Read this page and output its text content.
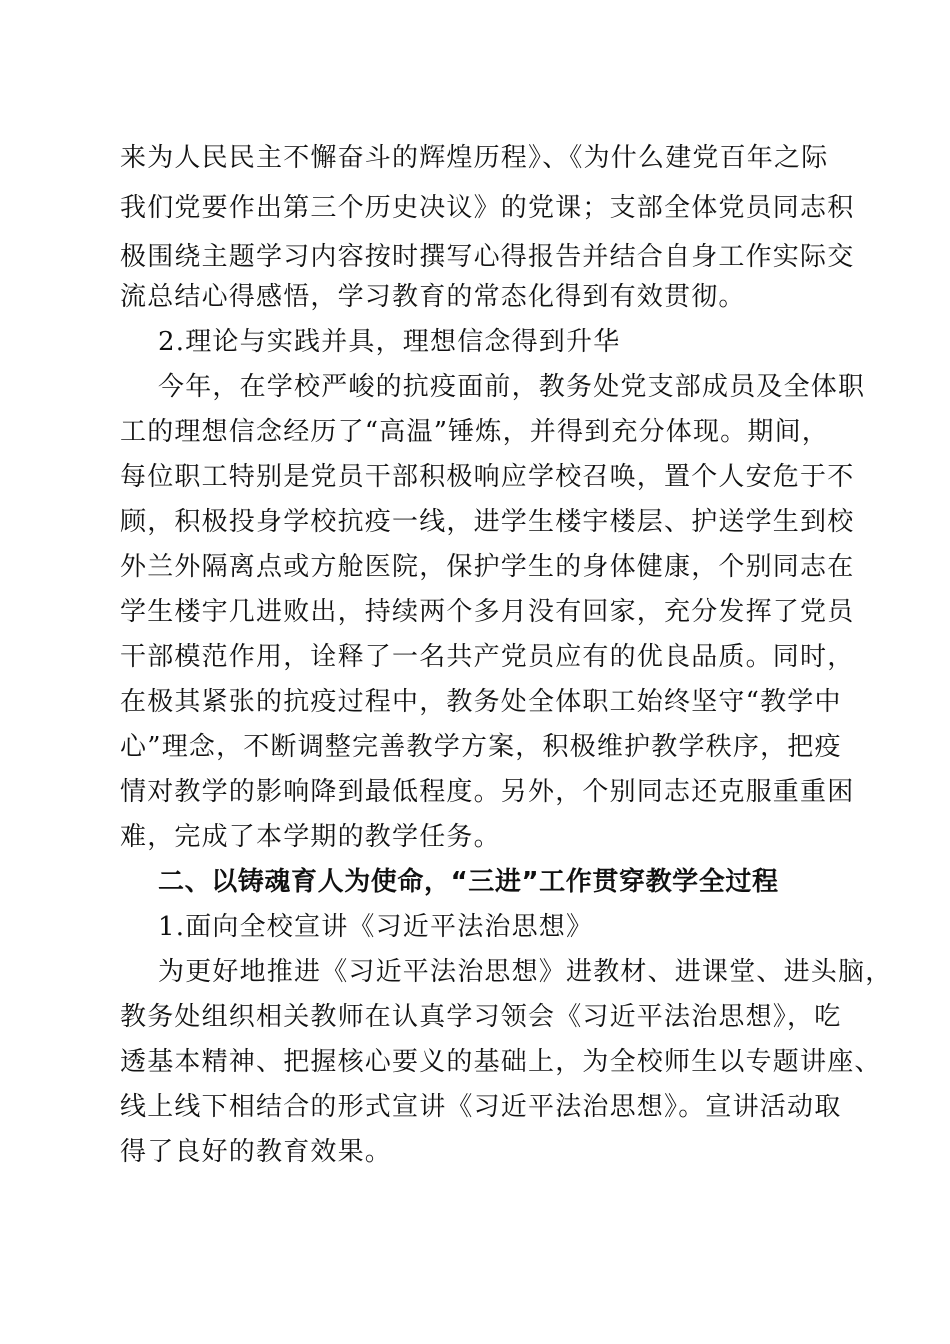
来为人民民主不懈奋斗的辉煌历程》、《为什么建党百年之际
我们党要作出第三个历史决议》的党课；支部全体党员同志积
极围绕主题学习内容按时撰写心得报告并结合自身工作实际交
流总结心得感悟，学习教育的常态化得到有效贯彻。
2.理论与实践并具，理想信念得到升华
今年，在学校严峻的抗疫面前，教务处党支部成员及全体职
工的理想信念经历了“高温”锤炼，并得到充分体现。期间，
每位职工特别是党员干部积极响应学校召唤，置个人安危于不
顾，积极投身学校抗疫一线，进学生楼宇楼层、护送学生到校
外兰外隔离点或方舱医院，保护学生的身体健康，个别同志在
学生楼宇几进败出，持续两个多月没有回家，充分发挥了党员
干部模范作用，诠释了一名共产党员应有的优良品质。同时，
在极其紧张的抗疫过程中，教务处全体职工始终坚守“教学中
心”理念，不断调整完善教学方案，积极维护教学秩序，把疫
情对教学的影响降到最低程度。另外，个别同志还克服重重困
难，完成了本学期的教学任务。
二、以铸魂育人为使命，“三进”工作贯穿教学全过程
1.面向全校宣讲《习近平法治思想》
为更好地推进《习近平法治思想》进教材、进课堂、进头脑，
教务处组织相关教师在认真学习领会《习近平法治思想》，吃
透基本精神、把握核心要义的基础上，为全校师生以专题讲座、
线上线下相结合的形式宣讲《习近平法治思想》。宣讲活动取
得了良好的教育效果。
